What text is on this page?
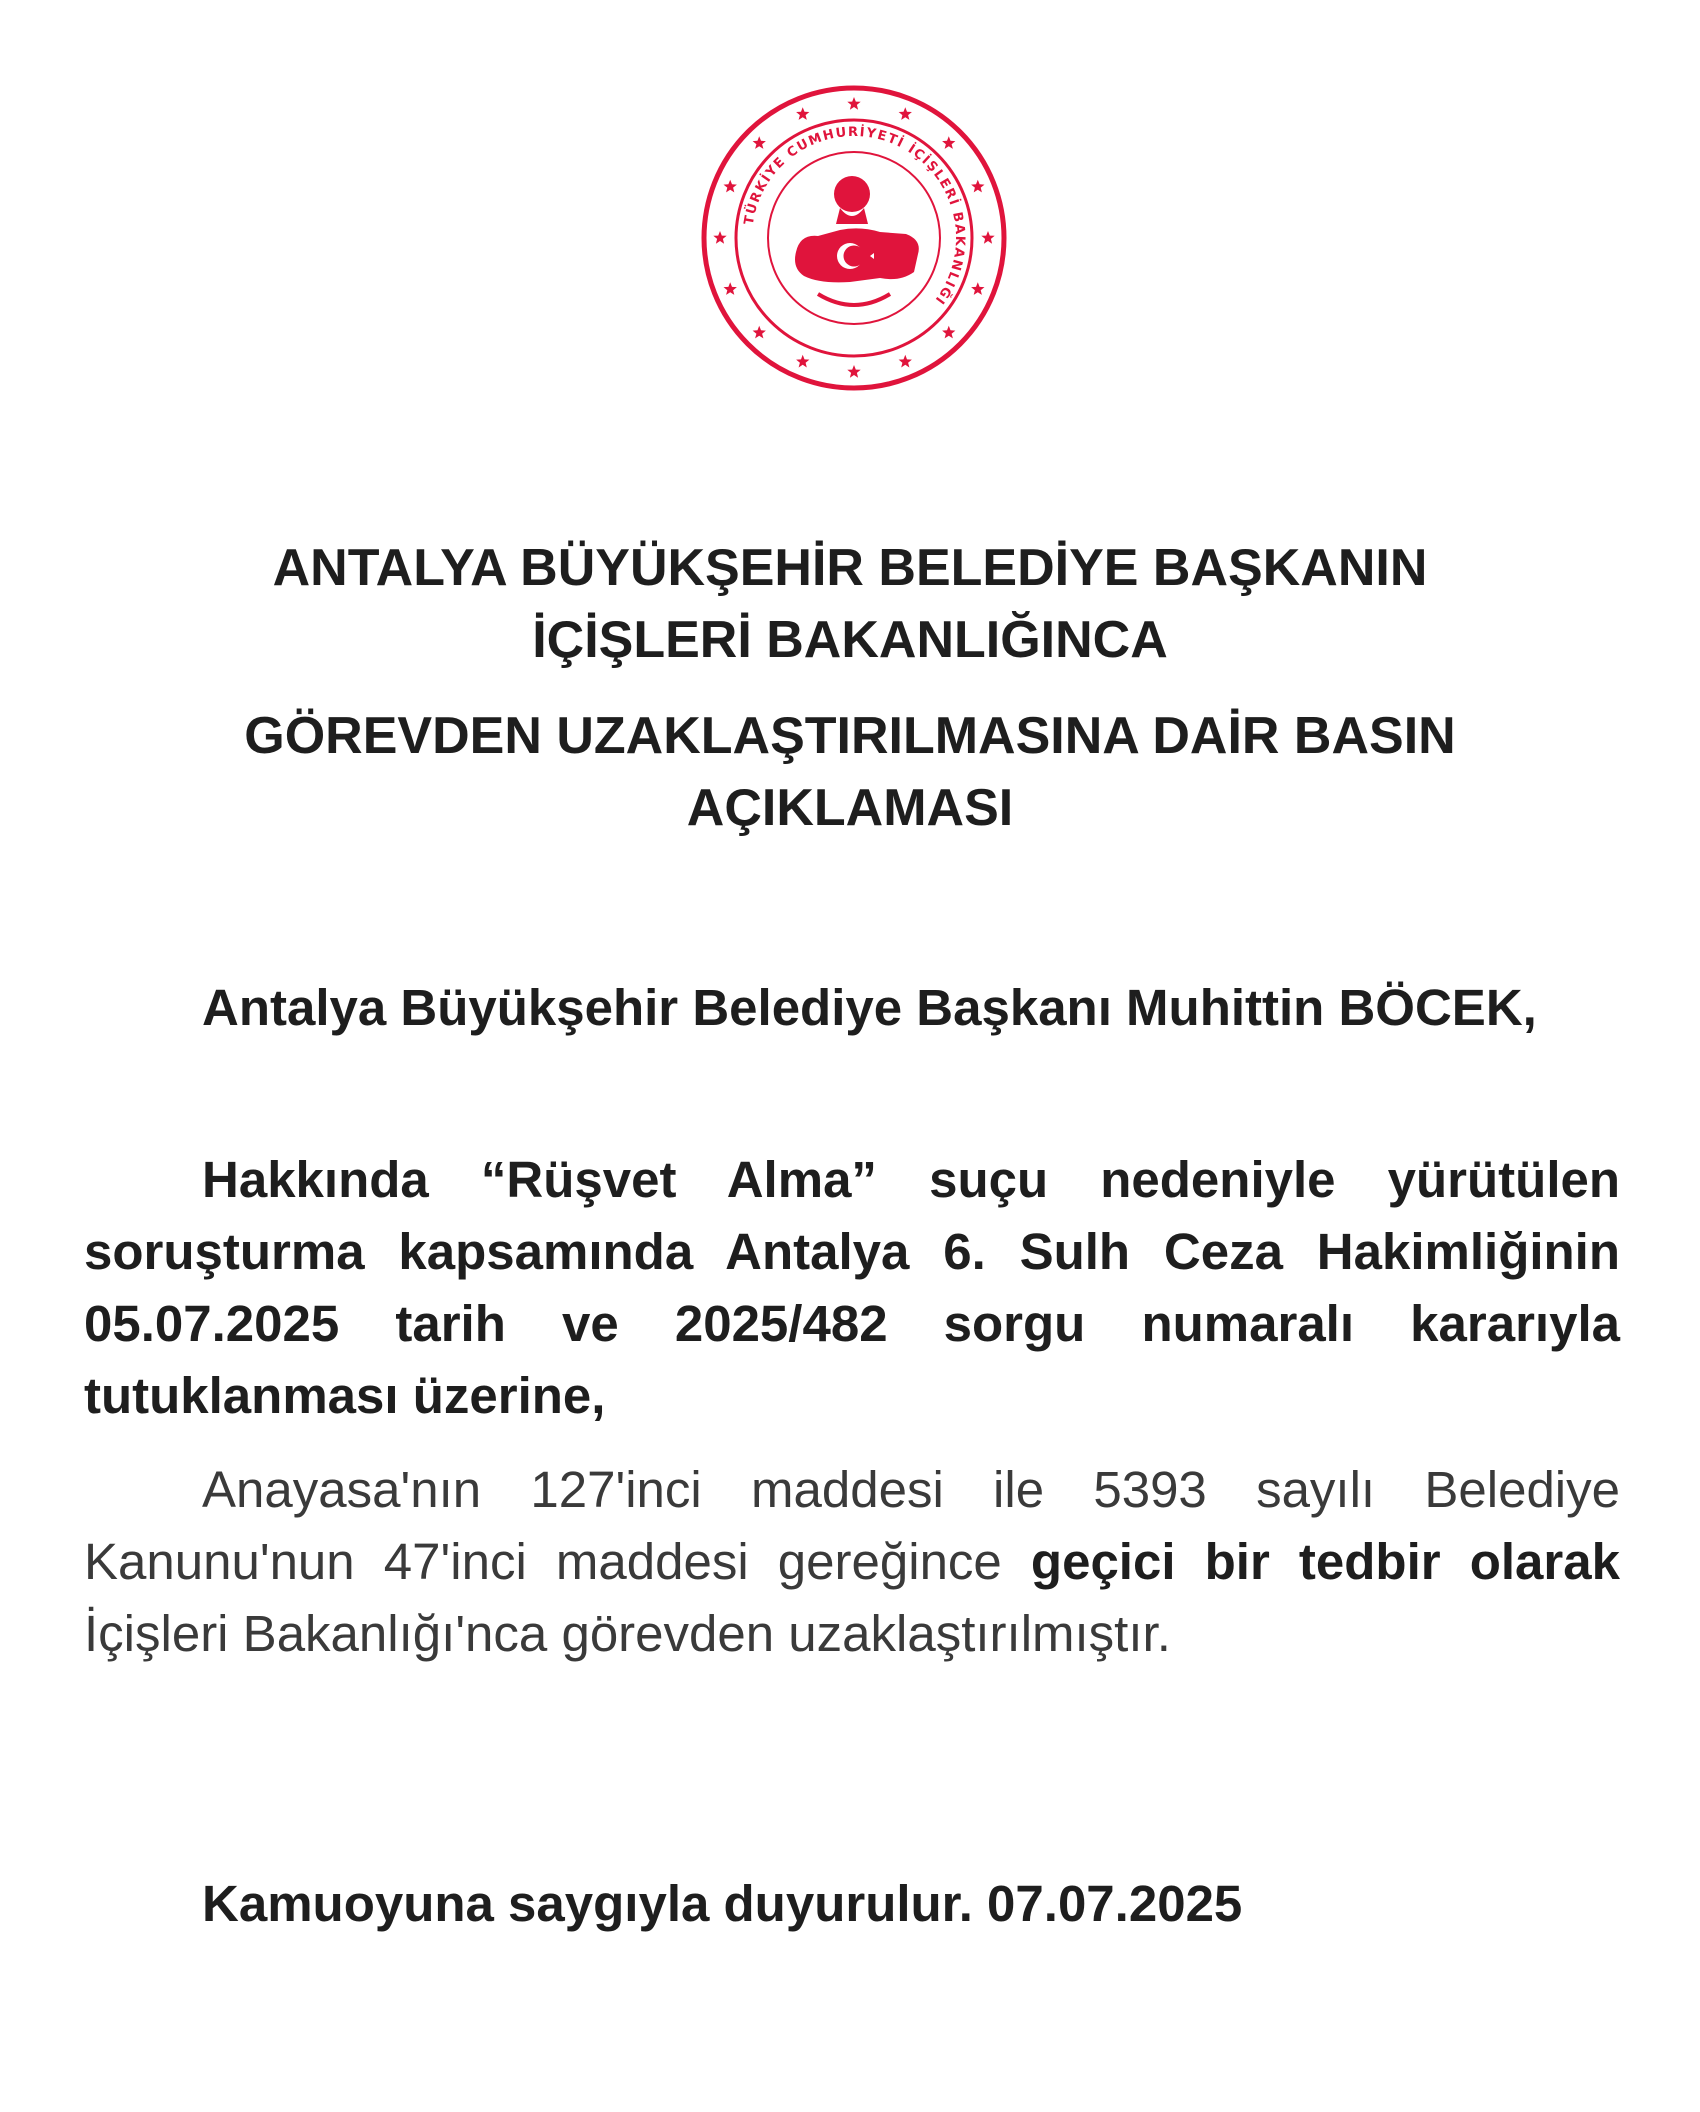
TÜRKİYE CUMHURİYETİ İÇİŞLERİ BAKANLIĞI
ANTALYA BÜYÜKŞEHİR BELEDİYE BAŞKANIN
İÇİŞLERİ BAKANLIĞINCA
GÖREVDEN UZAKLAŞTIRILMASINA DAİR BASIN
AÇIKLAMASI
Antalya Büyükşehir Belediye Başkanı Muhittin BÖCEK,
Hakkında “Rüşvet Alma” suçu nedeniyle yürütülen soruşturma kapsamında Antalya 6. Sulh Ceza Hakimliğinin 05.07.2025 tarih ve 2025/482 sorgu numaralı kararıyla tutuklanması üzerine,
Anayasa'nın 127'inci maddesi ile 5393 sayılı Belediye Kanunu'nun 47'inci maddesi gereğince geçici bir tedbir olarak İçişleri Bakanlığı'nca görevden uzaklaştırılmıştır.
Kamuoyuna saygıyla duyurulur. 07.07.2025
